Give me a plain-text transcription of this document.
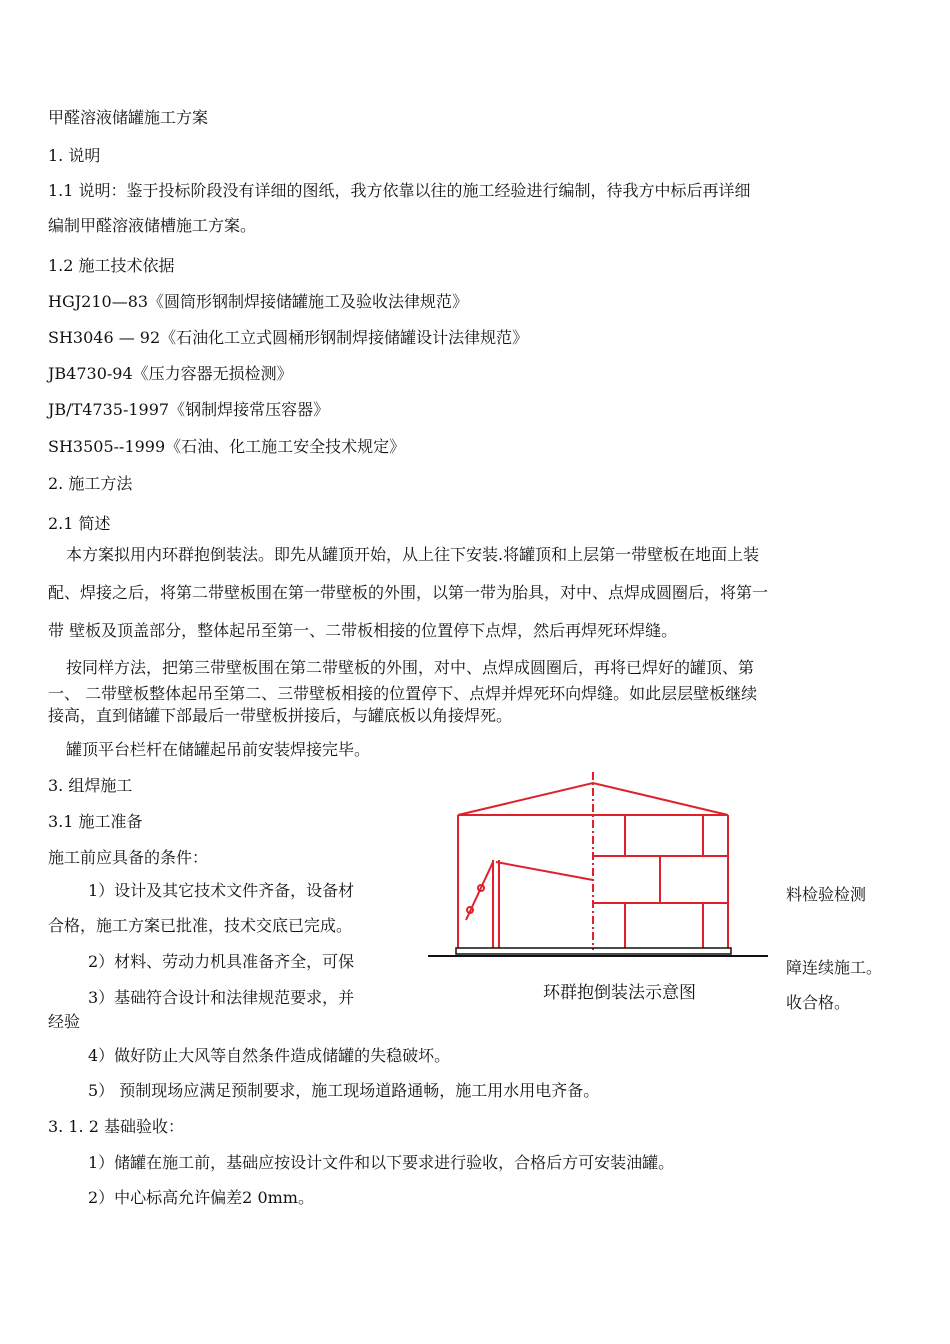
甲醛溶液储罐施工方案
1. 说明
1.1 说明：鉴于投标阶段没有详细的图纸，我方依靠以往的施工经验进行编制，待我方中标后再详细
编制甲醛溶液储槽施工方案。
1.2 施工技术依据
HGJ210—83《圆筒形钢制焊接储罐施工及验收法律规范》
SH3046 — 92《石油化工立式圆桶形钢制焊接储罐设计法律规范》
JB4730-94《压力容器无损检测》
JB/T4735-1997《钢制焊接常压容器》
SH3505--1999《石油、化工施工安全技术规定》
2. 施工方法
2.1 简述
本方案拟用内环群抱倒装法。即先从罐顶开始，从上往下安装.将罐顶和上层第一带壁板在地面上装
配、焊接之后，将第二带壁板围在第一带壁板的外围，以第一带为胎具，对中、点焊成圆圈后，将第一
带 壁板及顶盖部分，整体起吊至第一、二带板相接的位置停下点焊，然后再焊死环焊缝。
按同样方法，把第三带壁板围在第二带壁板的外围，对中、点焊成圆圈后，再将已焊好的罐顶、第
一、 二带壁板整体起吊至第二、三带壁板相接的位置停下、点焊并焊死环向焊缝。如此层层壁板继续
接高，直到储罐下部最后一带壁板拼接后，与罐底板以角接焊死。
罐顶平台栏杆在储罐起吊前安装焊接完毕。
3. 组焊施工
3.1 施工准备
施工前应具备的条件：
1）设计及其它技术文件齐备，设备材	料检验检测
合格，施工方案已批准，技术交底已完成。
2）材料、劳动力机具准备齐全，可保	障连续施工。
3）基础符合设计和法律规范要求，并	收合格。
经验
4）做好防止大风等自然条件造成储罐的失稳破坏。
5） 预制现场应满足预制要求，施工现场道路通畅，施工用水用电齐备。
3. 1. 2 基础验收：
1）储罐在施工前，基础应按设计文件和以下要求进行验收，合格后方可安装油罐。
2）中心标高允许偏差2 0mm。
环群抱倒装法示意图
